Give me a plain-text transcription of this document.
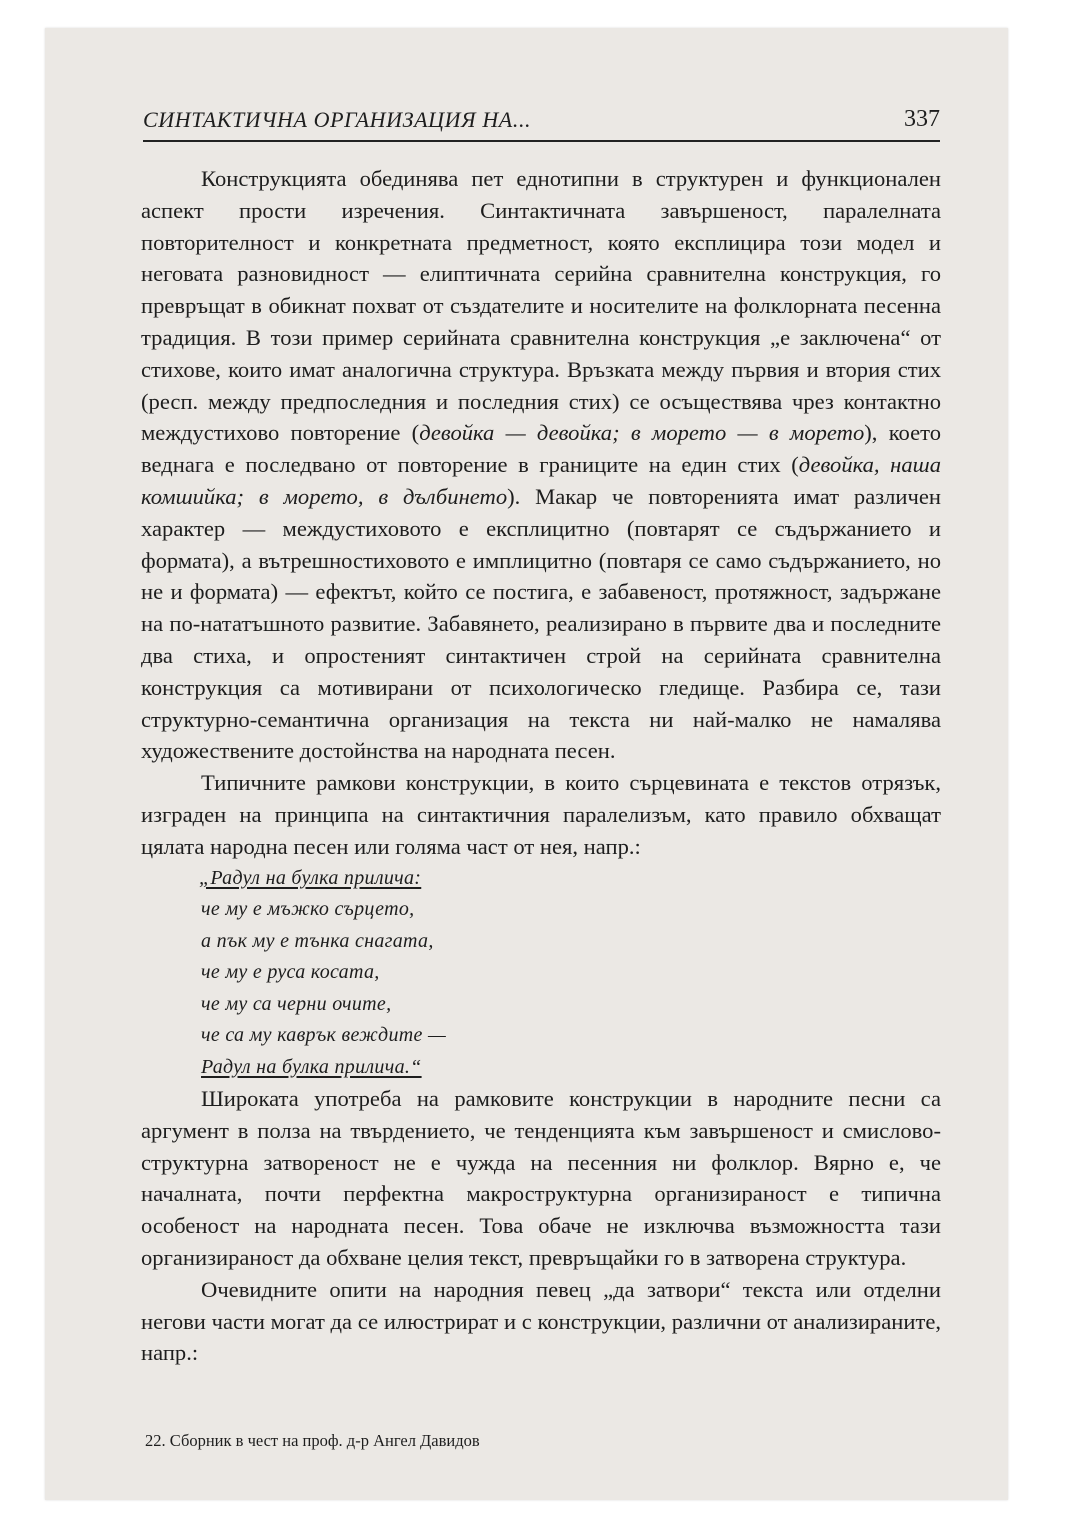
СИНТАКТИЧНА ОРГАНИЗАЦИЯ НА...	337

Конструкцията обединява пет еднотипни в структурен и функционален аспект прости изречения. Синтактичната завършеност, паралелната повторителност и конкретната предметност, която експлицира този модел и неговата разновидност — елиптичната серийна сравнителна конструкция, го превръщат в обикнат похват от създателите и носителите на фолклорната песенна традиция. В този пример серийната сравнителна конструкция „е заключена“ от стихове, които имат аналогична структура. Връзката между първия и втория стих (респ. между предпоследния и последния стих) се осъществява чрез контактно междустихово повторение (девойка — девойка; в морето — в морето), което веднага е последвано от повторение в границите на един стих (девойка, наша комшийка; в морето, в дълбинето). Макар че повторенията имат различен характер — междустиховото е експлицитно (повтарят се съдържанието и формата), а вътрешностиховото е имплицитно (повтаря се само съдържанието, но не и формата) — ефектът, който се постига, е забавеност, протяжност, задържане на по-нататъшното развитие. Забавянето, реализирано в първите два и последните два стиха, и опростеният синтактичен строй на серийната сравнителна конструкция са мотивирани от психологическо гледище. Разбира се, тази структурно-семантична организация на текста ни най-малко не намалява художествените достойнства на народната песен.

Типичните рамкови конструкции, в които сърцевината е текстов отрязък, изграден на принципа на синтактичния паралелизъм, като правило обхващат цялата народна песен или голяма част от нея, напр.:

„Радул на булка прилича:
че му е мъжко сърцето,
а пък му е тънка снагата,
че му е руса косата,
че му са черни очите,
че са му каврък веждите —
Радул на булка прилича.“

Широката употреба на рамковите конструкции в народните песни са аргумент в полза на твърдението, че тенденцията към завършеност и смислово-структурна затвореност не е чужда на песенния ни фолклор. Вярно е, че началната, почти перфектна макроструктурна организираност е типична особеност на народната песен. Това обаче не изключва възможността тази организираност да обхване целия текст, превръщайки го в затворена структура.

Очевидните опити на народния певец „да затвори“ текста или отделни негови части могат да се илюстрират и с конструкции, различни от анализираните, напр.:

22. Сборник в чест на проф. д-р Ангел Давидов
